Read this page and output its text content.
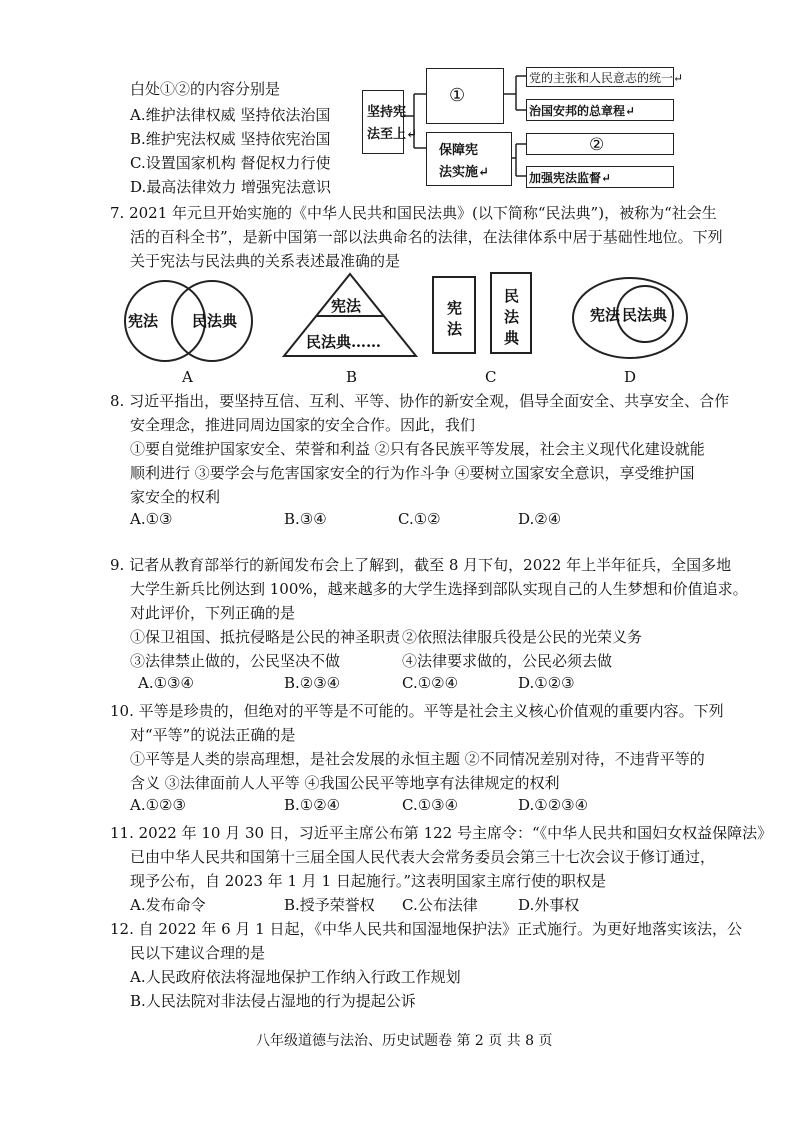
白处①②的内容分别是
A.维护法律权威 坚持依法治国
B.维护宪法权威 坚持依宪治国
C.设置国家机构 督促权力行使
D.最高法律效力 增强宪法意识
坚持宪
法至上↵
①
保障宪
法实施↵
党的主张和人民意志的统一↵
治国安邦的总章程↵
②
加强宪法监督↵
7. 2021 年元旦开始实施的《中华人民共和国民法典》(以下简称“民法典”)，被称为“社会生
活的百科全书”，是新中国第一部以法典命名的法律，在法律体系中居于基础性地位。下列
关于宪法与民法典的关系表述最准确的是
宪法 民法典
A
宪法
民法典……
B
宪
法
民
法
典
C
宪法 民法典
D
8. 习近平指出，要坚持互信、互利、平等、协作的新安全观，倡导全面安全、共享安全、合作
安全理念，推进同周边国家的安全合作。因此，我们
①要自觉维护国家安全、荣誉和利益 ②只有各民族平等发展，社会主义现代化建设就能
顺利进行 ③要学会与危害国家安全的行为作斗争 ④要树立国家安全意识，享受维护国
家安全的权利
A.①③	B.③④	C.①②	D.②④
9. 记者从教育部举行的新闻发布会上了解到，截至 8 月下旬，2022 年上半年征兵，全国多地
大学生新兵比例达到 100%，越来越多的大学生选择到部队实现自己的人生梦想和价值追求。
对此评价，下列正确的是
①保卫祖国、抵抗侵略是公民的神圣职责 ②依照法律服兵役是公民的光荣义务
③法律禁止做的，公民坚决不做	④法律要求做的，公民必须去做
A.①③④	B.②③④	C.①②④	D.①②③
10. 平等是珍贵的，但绝对的平等是不可能的。平等是社会主义核心价值观的重要内容。下列
对“平等”的说法正确的是
①平等是人类的崇高理想，是社会发展的永恒主题 ②不同情况差别对待，不违背平等的
含义 ③法律面前人人平等 ④我国公民平等地享有法律规定的权利
A.①②③	B.①②④	C.①③④	D.①②③④
11. 2022 年 10 月 30 日，习近平主席公布第 122 号主席令：“《中华人民共和国妇女权益保障法》
已由中华人民共和国第十三届全国人民代表大会常务委员会第三十七次会议于修订通过，
现予公布，自 2023 年 1 月 1 日起施行。”这表明国家主席行使的职权是
A.发布命令	B.授予荣誉权 C.公布法律	D.外事权
12. 自 2022 年 6 月 1 日起，《中华人民共和国湿地保护法》正式施行。为更好地落实该法，公
民以下建议合理的是
A.人民政府依法将湿地保护工作纳入行政工作规划
B.人民法院对非法侵占湿地的行为提起公诉
八年级道德与法治、历史试题卷 第 2 页 共 8 页
